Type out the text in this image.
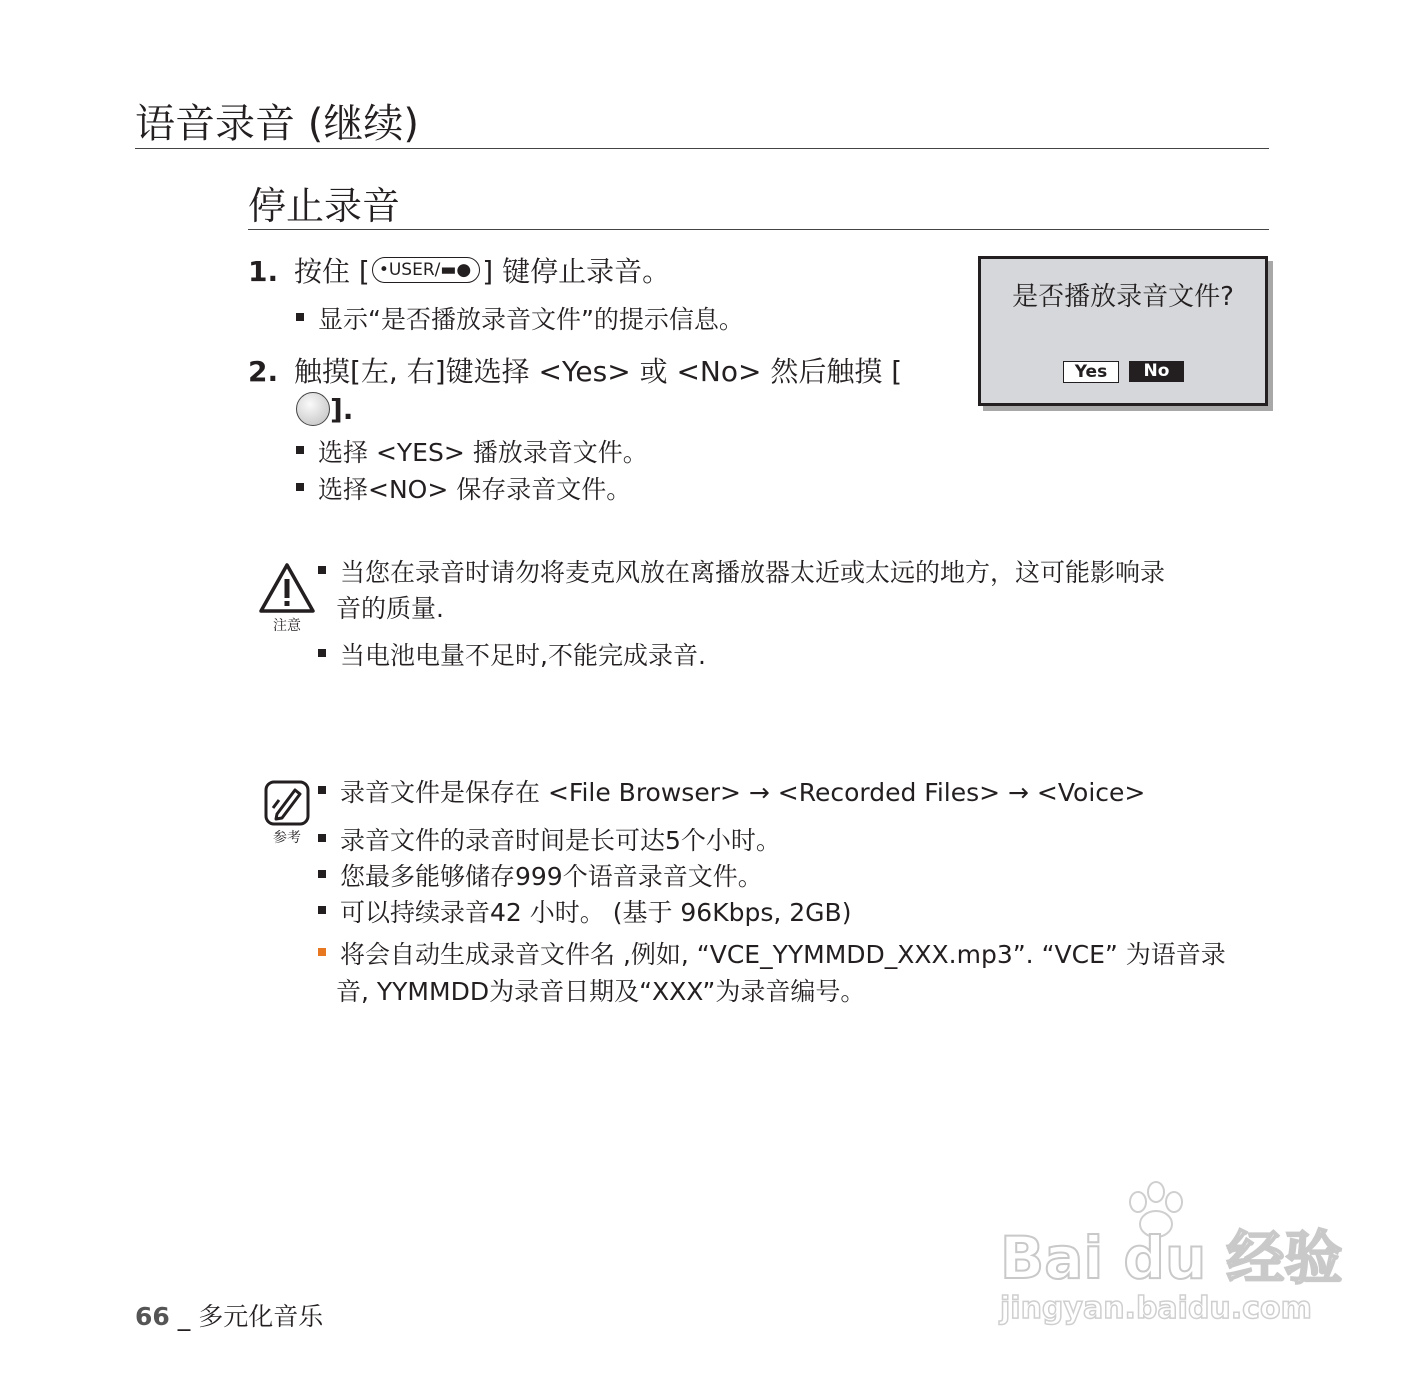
语音录音 (继续)
停止录音
1. 按住 [ •USER/▬● ] 键停止录音。
显示“是否播放录音文件”的提示信息。
2. 触摸[左, 右]键选择 <Yes> 或 <No> 然后触摸 [
].
选择 <YES> 播放录音文件。
选择<NO> 保存录音文件。
是否播放录音文件?
Yes	No
注意
当您在录音时请勿将麦克风放在离播放器太近或太远的地方，这可能影响录
音的质量.
当电池电量不足时,不能完成录音.
参考
录音文件是保存在 <File Browser> → <Recorded Files> → <Voice>
录音文件的录音时间是长可达5个小时。
您最多能够储存999个语音录音文件。
可以持续录音42 小时。 (基于 96Kbps, 2GB)
将会自动生成录音文件名 ,例如, “VCE_YYMMDD_XXX.mp3”. “VCE” 为语音录
音, YYMMDD为录音日期及“XXX”为录音编号。
66 _ 多元化音乐
Bai du 经验
jingyan.baidu.com
